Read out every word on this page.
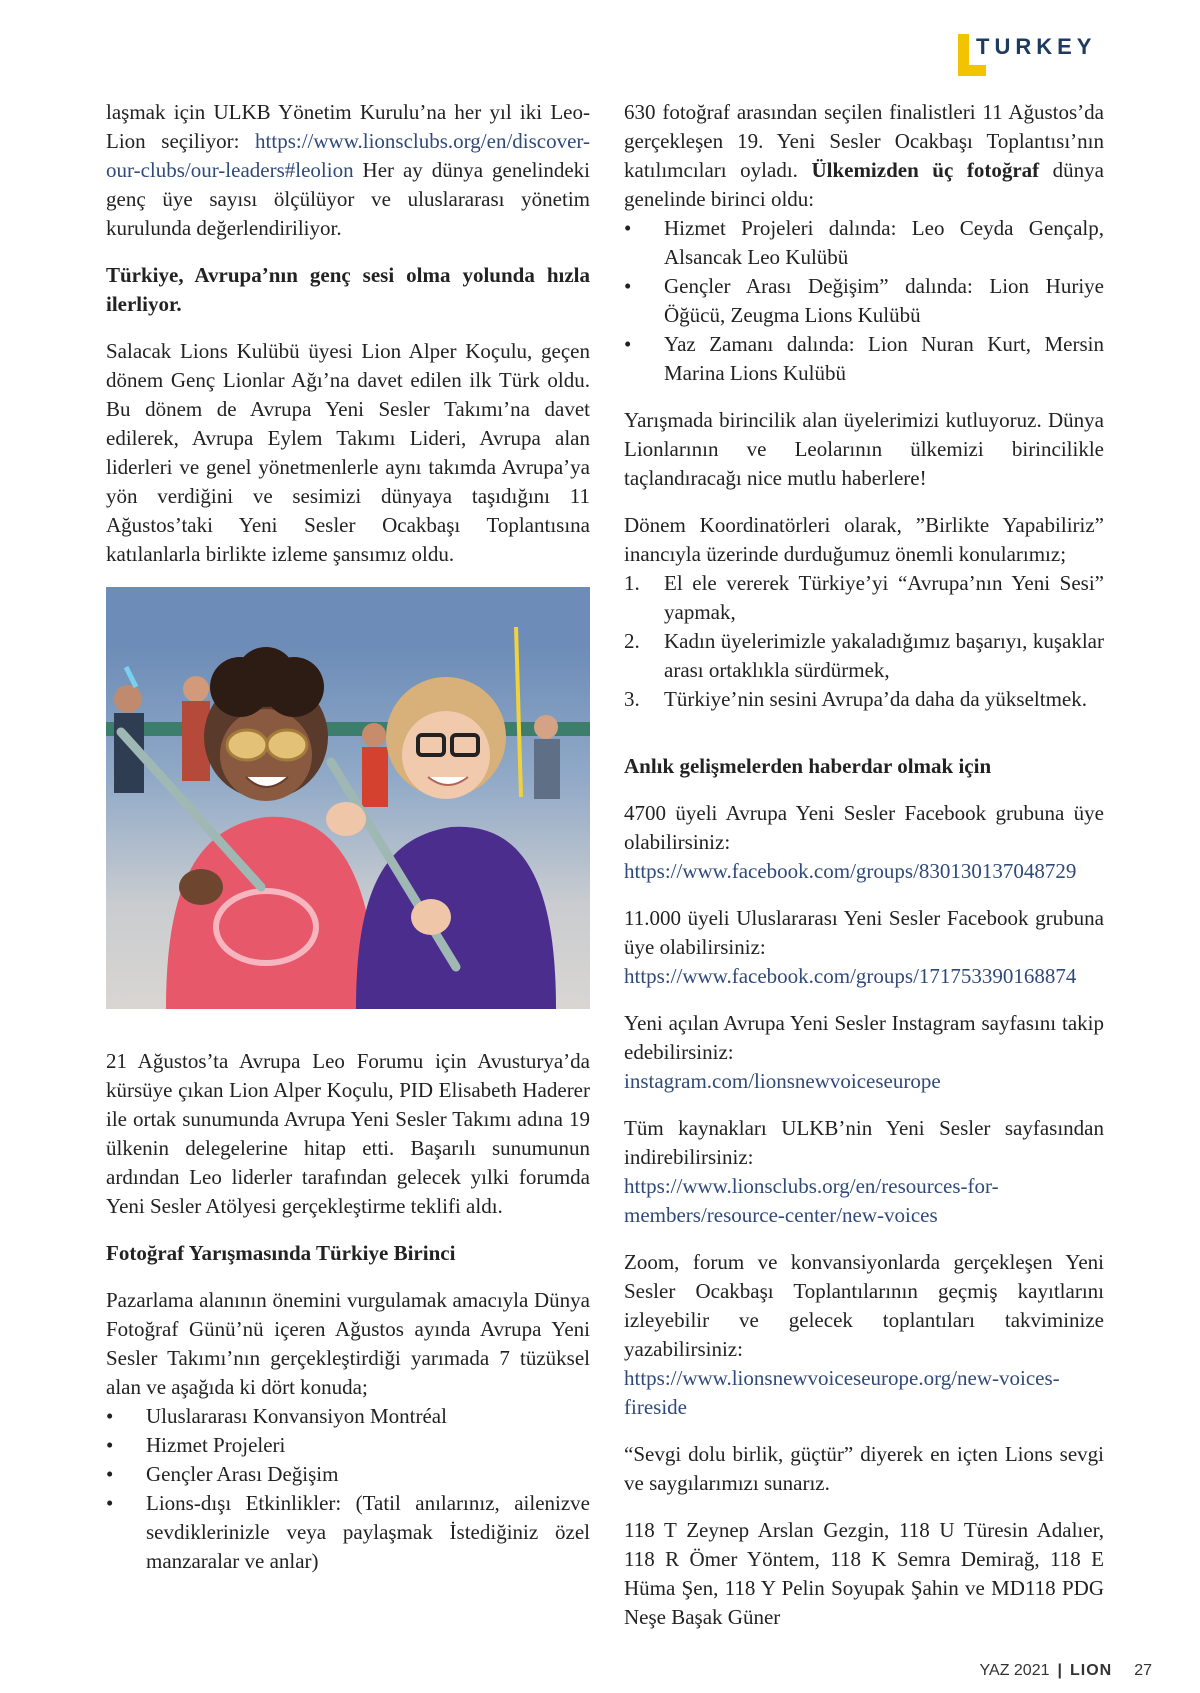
TURKEY

laşmak için ULKB Yönetim Kurulu’na her yıl iki Leo-Lion seçiliyor: https://www.lionsclubs.org/en/discover-our-clubs/our-leaders#leolion Her ay dünya genelindeki genç üye sayısı ölçülüyor ve uluslararası yönetim kurulunda değerlendiriliyor.

Türkiye, Avrupa’nın genç sesi olma yolunda hızla ilerliyor.

Salacak Lions Kulübü üyesi Lion Alper Koçulu, geçen dönem Genç Lionlar Ağı’na davet edilen ilk Türk oldu. Bu dönem de Avrupa Yeni Sesler Takımı’na davet edilerek, Avrupa Eylem Takımı Lideri, Avrupa alan liderleri ve genel yönetmenlerle aynı takımda Avrupa’ya yön verdiğini ve sesimizi dünyaya taşıdığını 11 Ağustos’taki Yeni Sesler Ocakbaşı Toplantısına katılanlarla birlikte izleme şansımız oldu.

21 Ağustos’ta Avrupa Leo Forumu için Avusturya’da kürsüye çıkan Lion Alper Koçulu, PID Elisabeth Haderer ile ortak sunumunda Avrupa Yeni Sesler Takımı adına 19 ülkenin delegelerine hitap etti. Başarılı sunumunun ardından Leo liderler tarafından gelecek yılki forumda Yeni Sesler Atölyesi gerçekleştirme teklifi aldı.

Fotoğraf Yarışmasında Türkiye Birinci

Pazarlama alanının önemini vurgulamak amacıyla Dünya Fotoğraf Günü’nü içeren Ağustos ayında Avrupa Yeni Sesler Takımı’nın gerçekleştirdiği yarımada 7 tüzüksel alan ve aşağıda ki dört konuda;

• Uluslararası Konvansiyon Montréal
• Hizmet Projeleri
• Gençler Arası Değişim
• Lions-dışı Etkinlikler: (Tatil anılarınız, ailenizve sevdiklerinizle veya paylaşmak İstediğiniz özel manzaralar ve anlar)

630 fotoğraf arasından seçilen finalistleri 11 Ağustos’da gerçekleşen 19. Yeni Sesler Ocakbaşı Toplantısı’nın katılımcıları oyladı. Ülkemizden üç fotoğraf dünya genelinde birinci oldu:

• Hizmet Projeleri dalında: Leo Ceyda Gençalp, Alsancak Leo Kulübü
• Gençler Arası Değişim” dalında: Lion Huriye Öğücü, Zeugma Lions Kulübü
• Yaz Zamanı dalında: Lion Nuran Kurt, Mersin Marina Lions Kulübü

Yarışmada birincilik alan üyelerimizi kutluyoruz. Dünya Lionlarının ve Leolarının ülkemizi birincilikle taçlandıracağı nice mutlu haberlere!

Dönem Koordinatörleri olarak, ”Birlikte Yapabiliriz” inancıyla üzerinde durduğumuz önemli konularımız;

1. El ele vererek Türkiye’yi “Avrupa’nın Yeni Sesi” yapmak,
2. Kadın üyelerimizle yakaladığımız başarıyı, kuşaklar arası ortaklıkla sürdürmek,
3. Türkiye’nin sesini Avrupa’da daha da yükseltmek.

Anlık gelişmelerden haberdar olmak için

4700 üyeli Avrupa Yeni Sesler Facebook grubuna üye olabilirsiniz:
https://www.facebook.com/groups/830130137048729

11.000 üyeli Uluslararası Yeni Sesler Facebook grubuna üye olabilirsiniz:
https://www.facebook.com/groups/171753390168874

Yeni açılan Avrupa Yeni Sesler Instagram sayfasını takip edebilirsiniz:
instagram.com/lionsnewvoiceseurope

Tüm kaynakları ULKB’nin Yeni Sesler sayfasından indirebilirsiniz:
https://www.lionsclubs.org/en/resources-for-members/resource-center/new-voices

Zoom, forum ve konvansiyonlarda gerçekleşen Yeni Sesler Ocakbaşı Toplantılarının geçmiş kayıtlarını izleyebilir ve gelecek toplantıları takviminize yazabilirsiniz:
https://www.lionsnewvoiceseurope.org/new-voices-fireside

“Sevgi dolu birlik, güçtür” diyerek en içten Lions sevgi ve saygılarımızı sunarız.

118 T Zeynep Arslan Gezgin, 118 U Türesin Adalıer, 118 R Ömer Yöntem, 118 K Semra Demirağ, 118 E Hüma Şen, 118 Y Pelin Soyupak Şahin ve MD118 PDG Neşe Başak Güner

YAZ 2021 | LION 27
